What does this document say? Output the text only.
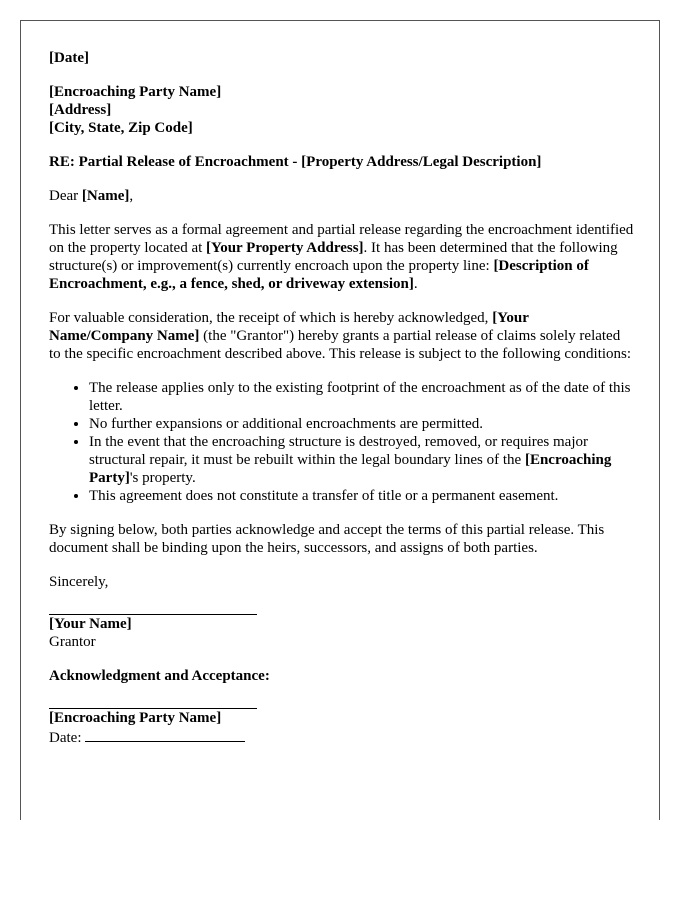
[Date]

[Encroaching Party Name]

[Address]

[City, State, Zip Code]

RE: Partial Release of Encroachment - [Property Address/Legal Description]

Dear [Name],

This letter serves as a formal agreement and partial release regarding the encroachment identified on the property located at [Your Property Address]. It has been determined that the following structure(s) or improvement(s) currently encroach upon the property line: [Description of Encroachment, e.g., a fence, shed, or driveway extension].

For valuable consideration, the receipt of which is hereby acknowledged, [Your Name/Company Name] (the "Grantor") hereby grants a partial release of claims solely related to the specific encroachment described above. This release is subject to the following conditions:

• The release applies only to the existing footprint of the encroachment as of the date of this letter.
• No further expansions or additional encroachments are permitted.
• In the event that the encroaching structure is destroyed, removed, or requires major structural repair, it must be rebuilt within the legal boundary lines of the [Encroaching Party]'s property.
• This agreement does not constitute a transfer of title or a permanent easement.

By signing below, both parties acknowledge and accept the terms of this partial release. This document shall be binding upon the heirs, successors, and assigns of both parties.

Sincerely,

[Your Name]

Grantor

Acknowledgment and Acceptance:

[Encroaching Party Name]

Date:
